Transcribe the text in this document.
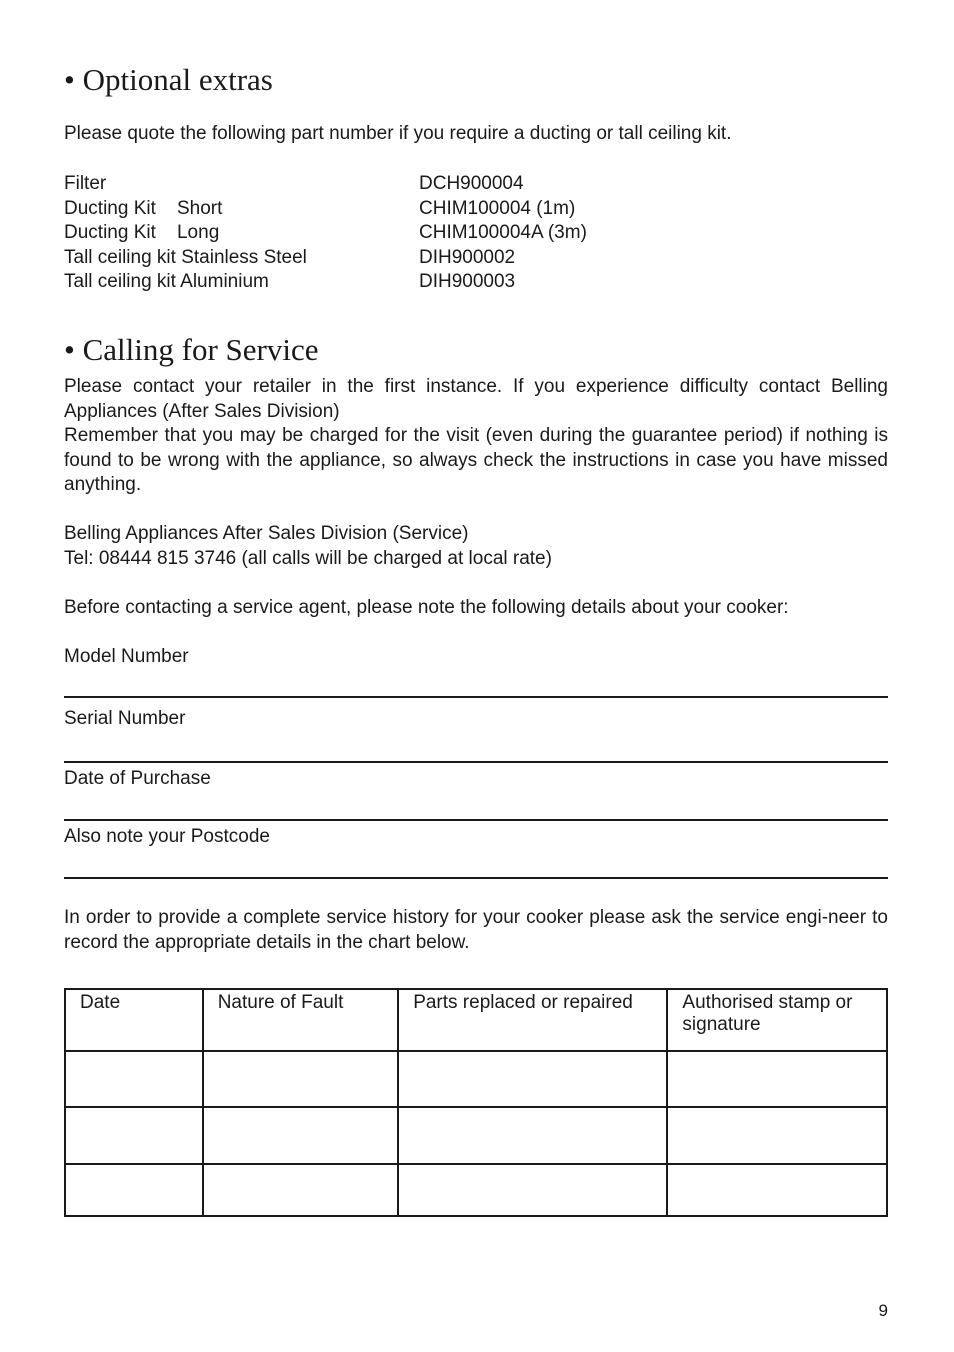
• Optional extras

Please quote the following part number if you require a ducting or tall ceiling kit.

Filter	DCH900004
Ducting Kit    Short	CHIM100004 (1m)
Ducting Kit    Long	CHIM100004A (3m)
Tall ceiling kit Stainless Steel	DIH900002
Tall ceiling kit Aluminium	DIH900003
• Calling for Service

Please contact your retailer in the first instance. If you experience difficulty contact Belling Appliances (After Sales Division)

Remember that you may be charged for the visit (even during the guarantee period) if nothing is found to be wrong with the appliance, so always check the instructions in case you have missed anything.

Belling Appliances After Sales Division (Service)

Tel: 08444 815 3746 (all calls will be charged at local rate)

Before contacting a service agent, please note the following details about your cooker:

Model Number
Serial Number
Date of Purchase
Also note your Postcode

In order to provide a complete service history for your cooker please ask the service engi-neer to record the appropriate details in the chart below.

Date	Nature of Fault	Parts replaced or repaired	Authorised stamp or signature

9
